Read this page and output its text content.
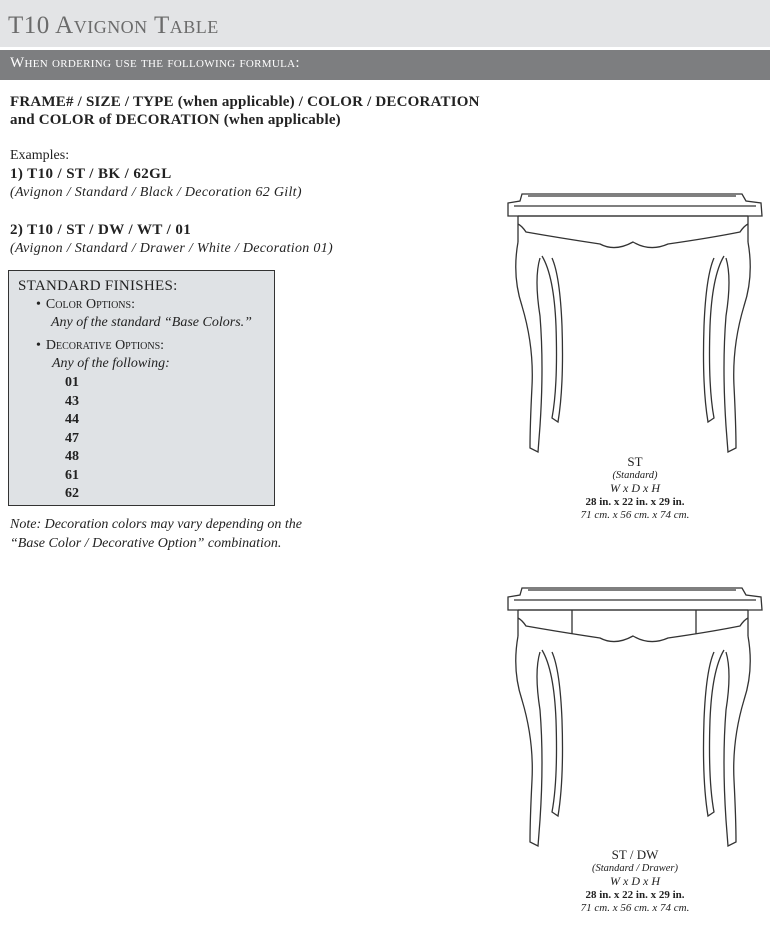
T10 Avignon Table
When ordering use the following formula:
FRAME# / SIZE / TYPE (when applicable) / COLOR / DECORATION
and COLOR of DECORATION (when applicable)
Examples:
1) T10 / ST / BK / 62GL
(Avignon / Standard / Black / Decoration 62 Gilt)
2) T10 / ST / DW / WT / 01
(Avignon / Standard / Drawer / White / Decoration 01)
STANDARD FINISHES:
• Color Options:
Any of the standard “Base Colors.”
• Decorative Options:
Any of the following:
01
43
44
47
48
61
62
Note: Decoration colors may vary depending on the
“Base Color / Decorative Option” combination.
ST
(Standard)
W x D x H
28 in. x 22 in. x 29 in.
71 cm. x 56 cm. x 74 cm.
ST / DW
(Standard / Drawer)
W x D x H
28 in. x 22 in. x 29 in.
71 cm. x 56 cm. x 74 cm.
